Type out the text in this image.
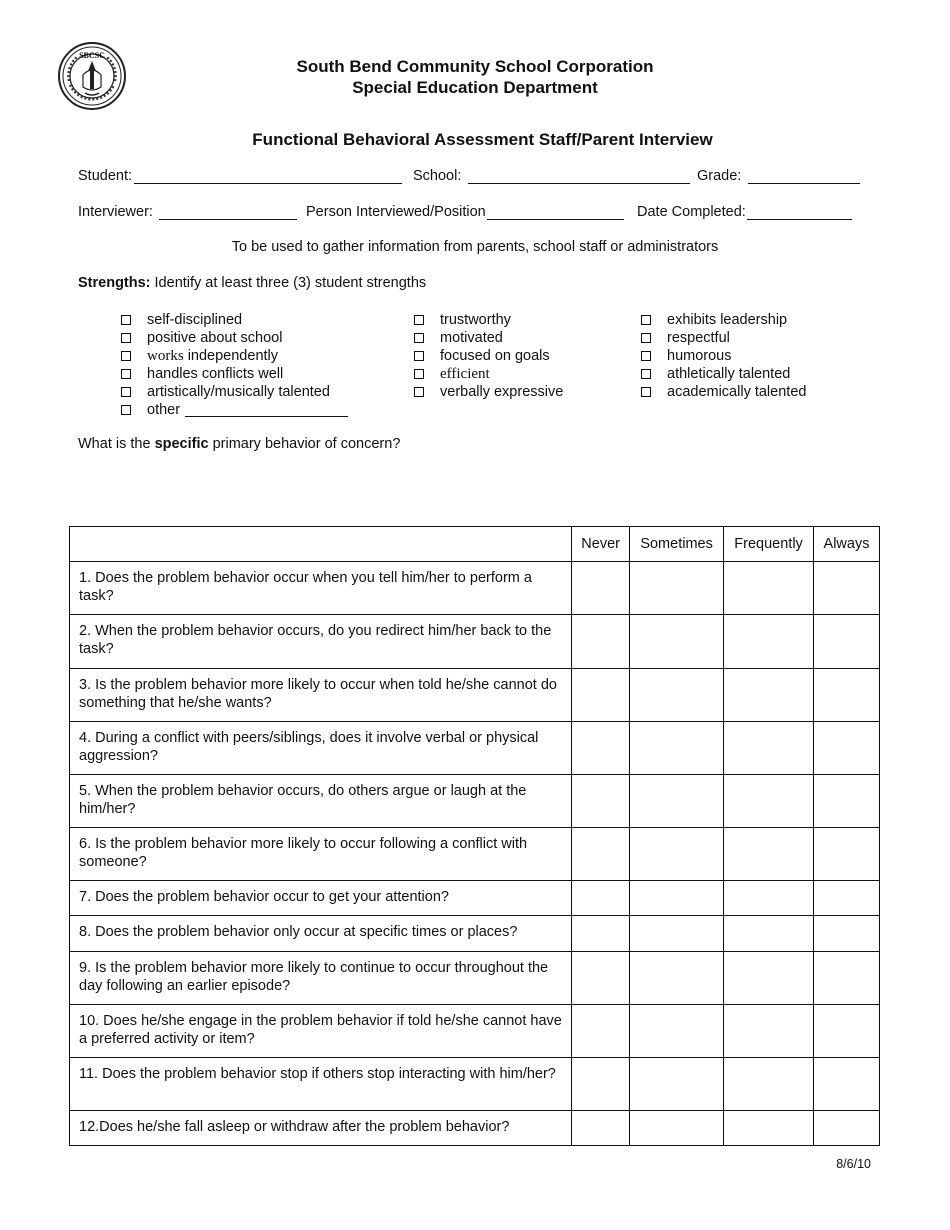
SBCSC
South Bend Community School Corporation
Special Education Department
Functional Behavioral Assessment Staff/Parent Interview
Student:	School:	Grade:
Interviewer:	Person Interviewed/Position	Date Completed:
To be used to gather information from parents, school staff or administrators
Strengths: Identify at least three (3) student strengths
self-disciplined
positive about school
works
independently
handles conflicts well
artistically/musically talented
other
trustworthy
motivated
focused on goals
efficient
verbally expressive
exhibits leadership
respectful
humorous
athletically talented
academically talented
What is the specific primary behavior of concern?
	Never	Sometimes	Frequently	Always
1. Does the problem behavior occur when you tell him/her to perform a task?				
2. When the problem behavior occurs, do you redirect him/her back to the task?				
3. Is the problem behavior more likely to occur when told he/she cannot do something that he/she wants?				
4. During a conflict with peers/siblings, does it involve verbal or physical aggression?				
5. When the problem behavior occurs, do others argue or laugh at the him/her?				
6. Is the problem behavior more likely to occur following a conflict with someone?				
7. Does the problem behavior occur to get your attention?				
8. Does the problem behavior only occur at specific times or places?				
9. Is the problem behavior more likely to continue to occur throughout the day following an earlier episode?				
10. Does he/she engage in the problem behavior if told he/she cannot have a preferred activity or item?				
11. Does the problem behavior stop if others stop interacting with him/her?				
12.Does he/she fall asleep or withdraw after the problem behavior?				
8/6/10
